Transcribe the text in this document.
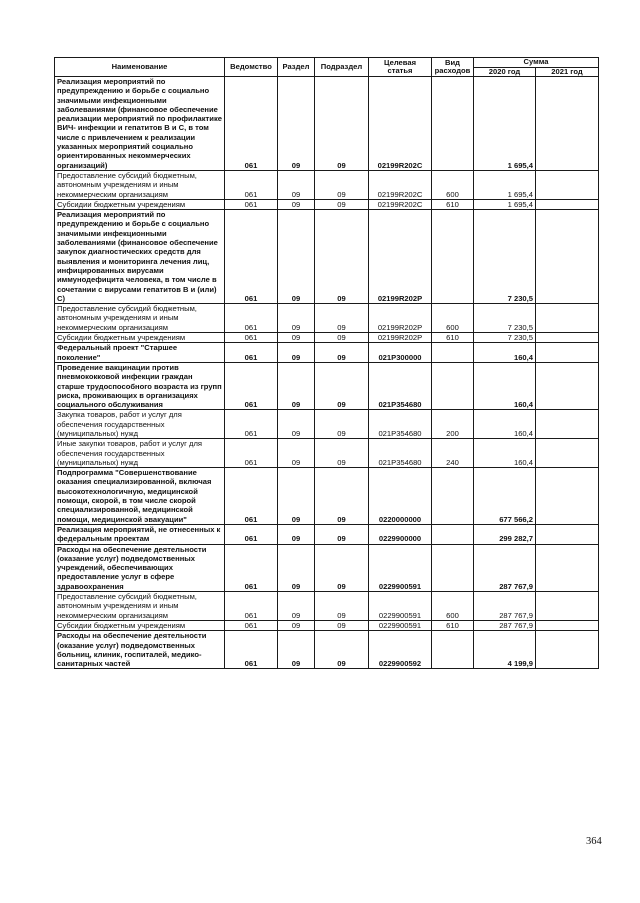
Наименование	Ведомство	Раздел	Подраздел	Целевая статья	Вид расходов	Сумма	
						2020 год	2021 год
Реализация мероприятий по предупреждению и борьбе с социально значимыми инфекционными заболеваниями (финансовое обеспечение реализации мероприятий по профилактике ВИЧ- инфекции и гепатитов В и С, в том числе с привлечением к реализации указанных мероприятий социально ориентированных некоммерческих организаций)	061	09	09	02199R202C		1 695,4	
Предоставление субсидий бюджетным, автономным учреждениям и иным некоммерческим организациям	061	09	09	02199R202C	600	1 695,4	
Субсидии бюджетным учреждениям	061	09	09	02199R202C	610	1 695,4	
Реализация мероприятий по предупреждению и борьбе с социально значимыми инфекционными заболеваниями (финансовое обеспечение закупок диагностических средств для выявления и мониторинга лечения лиц, инфицированных вирусами иммунодефицита человека, в том числе в сочетании с вирусами гепатитов В и (или) С)	061	09	09	02199R202P		7 230,5	
Предоставление субсидий бюджетным, автономным учреждениям и иным некоммерческим организациям	061	09	09	02199R202P	600	7 230,5	
Субсидии бюджетным учреждениям	061	09	09	02199R202P	610	7 230,5	
Федеральный проект "Старшее поколение"	061	09	09	021P300000		160,4	
Проведение вакцинации против пневмококковой инфекции граждан старше трудоспособного возраста из групп риска, проживающих в организациях социального обслуживания	061	09	09	021P354680		160,4	
Закупка товаров, работ и услуг для обеспечения государственных (муниципальных) нужд	061	09	09	021P354680	200	160,4	
Иные закупки товаров, работ и услуг для обеспечения государственных (муниципальных) нужд	061	09	09	021P354680	240	160,4	
Подпрограмма "Совершенствование оказания специализированной, включая высокотехнологичную, медицинской помощи, скорой, в том числе скорой специализированной, медицинской помощи, медицинской эвакуации"	061	09	09	0220000000		677 566,2	
Реализация мероприятий, не отнесенных к федеральным проектам	061	09	09	0229900000		299 282,7	
Расходы на обеспечение деятельности (оказание услуг) подведомственных учреждений, обеспечивающих предоставление услуг в сфере здравоохранения	061	09	09	0229900591		287 767,9	
Предоставление субсидий бюджетным, автономным учреждениям и иным некоммерческим организациям	061	09	09	0229900591	600	287 767,9	
Субсидии бюджетным учреждениям	061	09	09	0229900591	610	287 767,9	
Расходы на обеспечение деятельности (оказание услуг) подведомственных больниц, клиник, госпиталей, медико-санитарных частей	061	09	09	0229900592		4 199,9	
364
